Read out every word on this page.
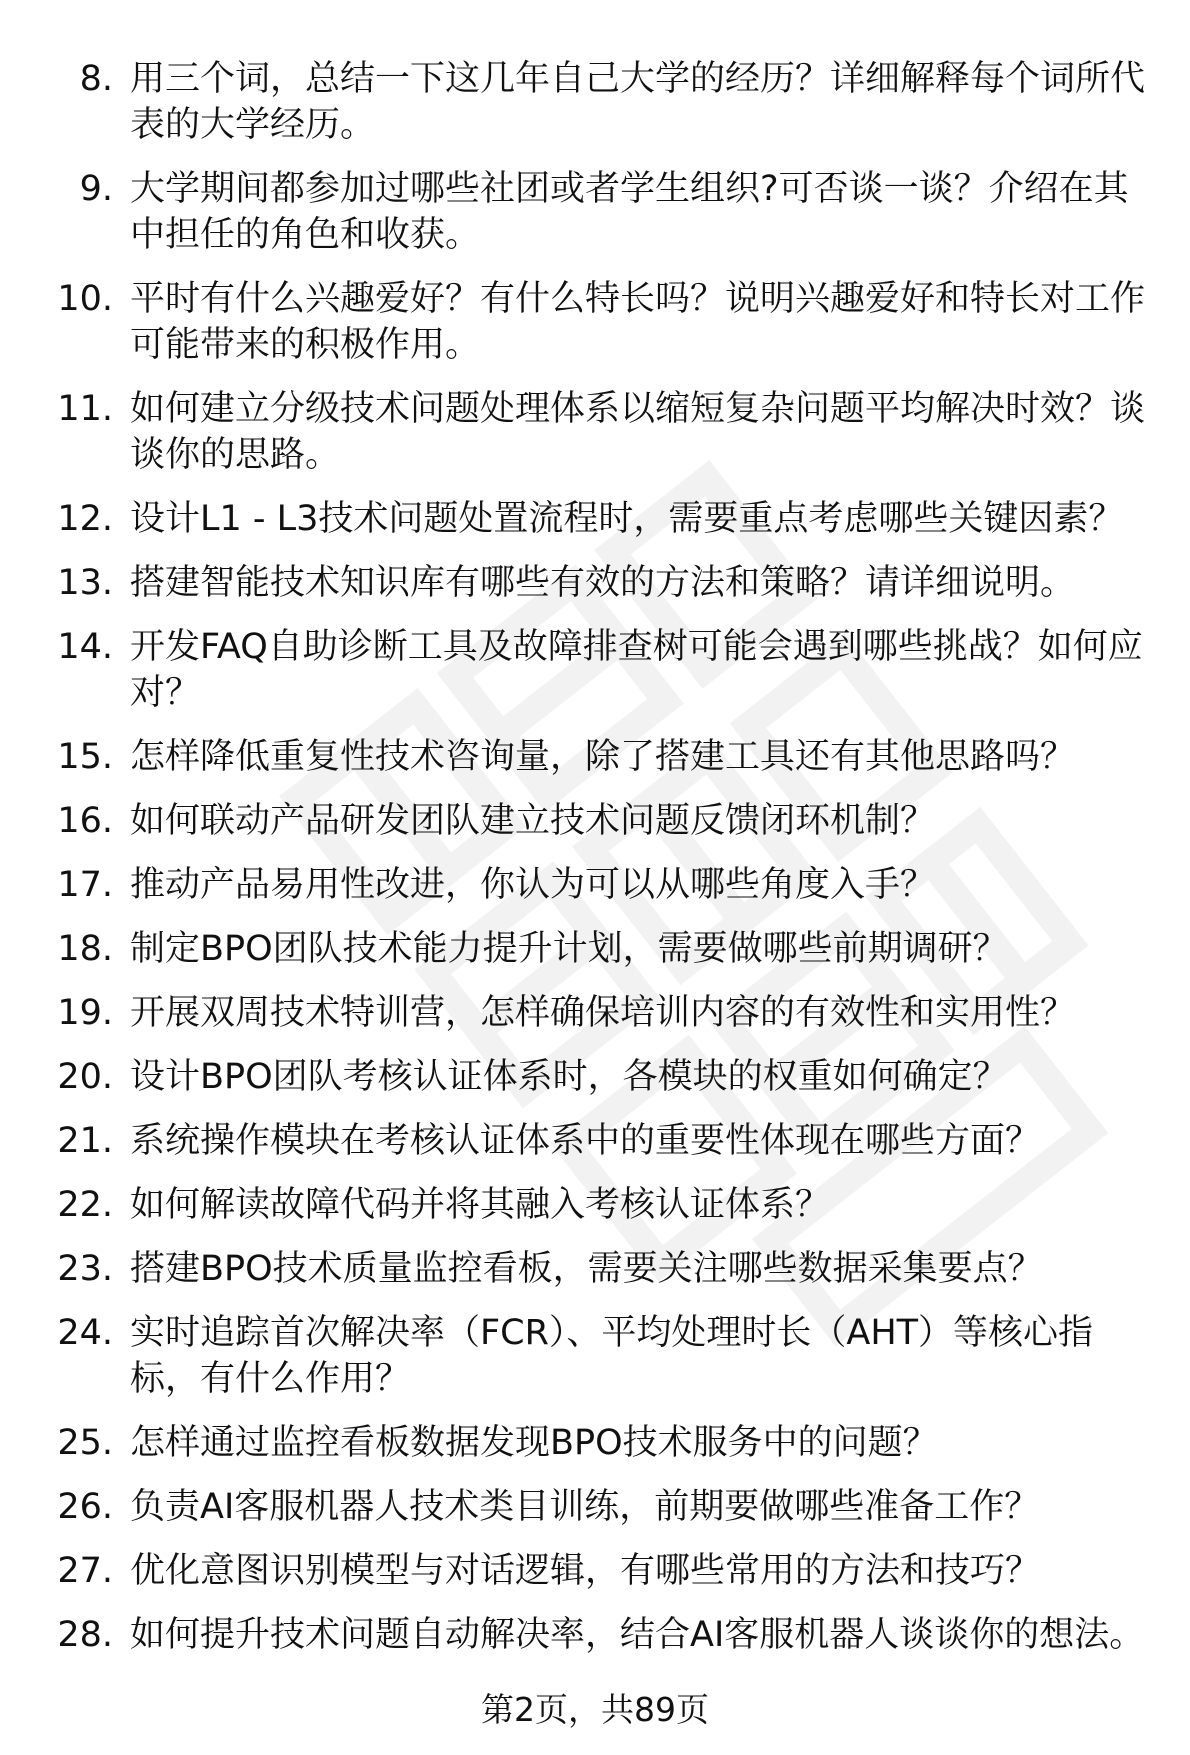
8. 用三个词，总结一下这几年自己大学的经历？详细解释每个词所代表的大学经历。
9. 大学期间都参加过哪些社团或者学生组织?可否谈一谈？介绍在其中担任的角色和收获。
10. 平时有什么兴趣爱好？有什么特长吗？说明兴趣爱好和特长对工作可能带来的积极作用。
11. 如何建立分级技术问题处理体系以缩短复杂问题平均解决时效？谈谈你的思路。
12. 设计L1 - L3技术问题处置流程时，需要重点考虑哪些关键因素？
13. 搭建智能技术知识库有哪些有效的方法和策略？请详细说明。
14. 开发FAQ自助诊断工具及故障排查树可能会遇到哪些挑战？如何应对？
15. 怎样降低重复性技术咨询量，除了搭建工具还有其他思路吗？
16. 如何联动产品研发团队建立技术问题反馈闭环机制？
17. 推动产品易用性改进，你认为可以从哪些角度入手？
18. 制定BPO团队技术能力提升计划，需要做哪些前期调研？
19. 开展双周技术特训营，怎样确保培训内容的有效性和实用性？
20. 设计BPO团队考核认证体系时，各模块的权重如何确定？
21. 系统操作模块在考核认证体系中的重要性体现在哪些方面？
22. 如何解读故障代码并将其融入考核认证体系？
23. 搭建BPO技术质量监控看板，需要关注哪些数据采集要点？
24. 实时追踪首次解决率（FCR）、平均处理时长（AHT）等核心指标，有什么作用？
25. 怎样通过监控看板数据发现BPO技术服务中的问题？
26. 负责AI客服机器人技术类目训练，前期要做哪些准备工作？
27. 优化意图识别模型与对话逻辑，有哪些常用的方法和技巧？
28. 如何提升技术问题自动解决率，结合AI客服机器人谈谈你的想法。
第2页，共89页
